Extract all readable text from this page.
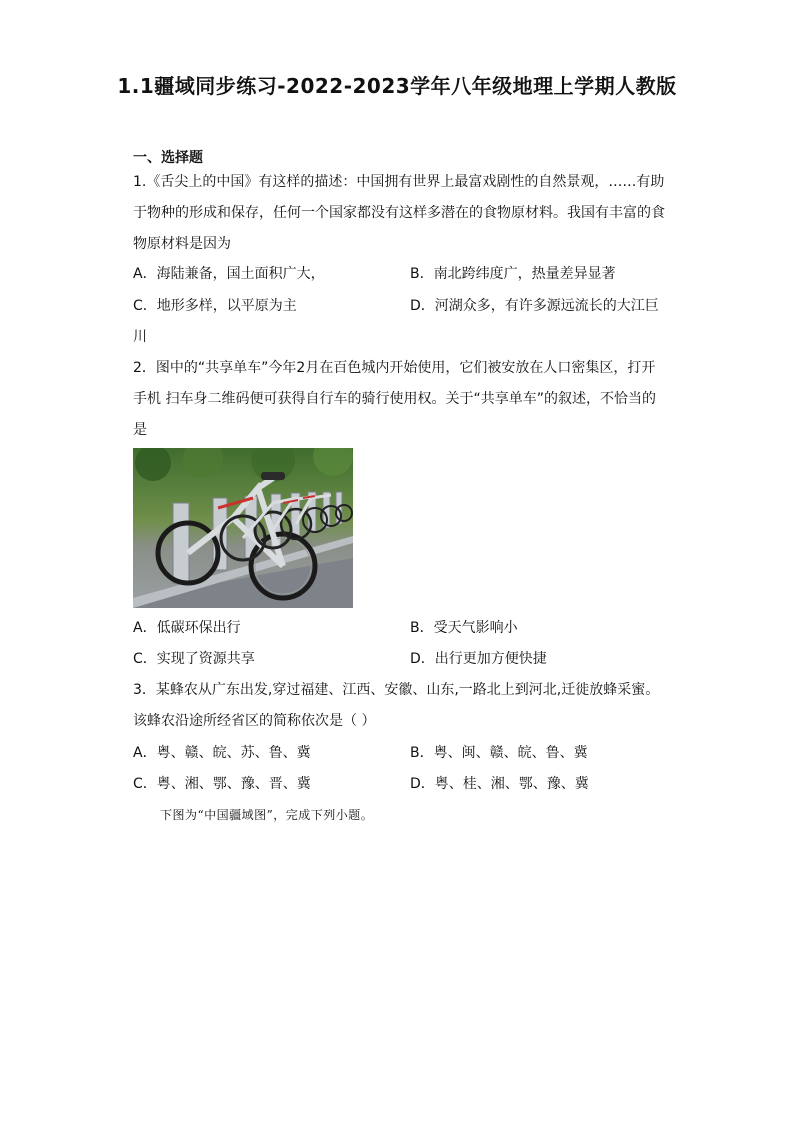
1.1疆域同步练习-2022-2023学年八年级地理上学期人教版
一、选择题
1.《舌尖上的中国》有这样的描述：中国拥有世界上最富戏剧性的自然景观，……有助
于物种的形成和保存，任何一个国家都没有这样多潜在的食物原材料。我国有丰富的食
物原材料是因为
A．海陆兼备，国土面积广大，	B．南北跨纬度广，热量差异显著
C．地形多样，以平原为主	D．河湖众多，有许多源远流长的大江巨
川
2．图中的“共享单车”今年2月在百色城内开始使用，它们被安放在人口密集区，打开
手机 扫车身二维码便可获得自行车的骑行使用权。关于“共享单车”的叙述，不恰当的
是
A．低碳环保出行	B．受天气影响小
C．实现了资源共享	D．出行更加方便快捷
3．某蜂农从广东出发,穿过福建、江西、安徽、山东,一路北上到河北,迁徙放蜂采蜜。
该蜂农沿途所经省区的简称依次是（ ）
A．粤、赣、皖、苏、鲁、冀	B．粤、闽、赣、皖、鲁、冀
C．粤、湘、鄂、豫、晋、冀	D．粤、桂、湘、鄂、豫、冀
下图为“中国疆域图”，完成下列小题。
